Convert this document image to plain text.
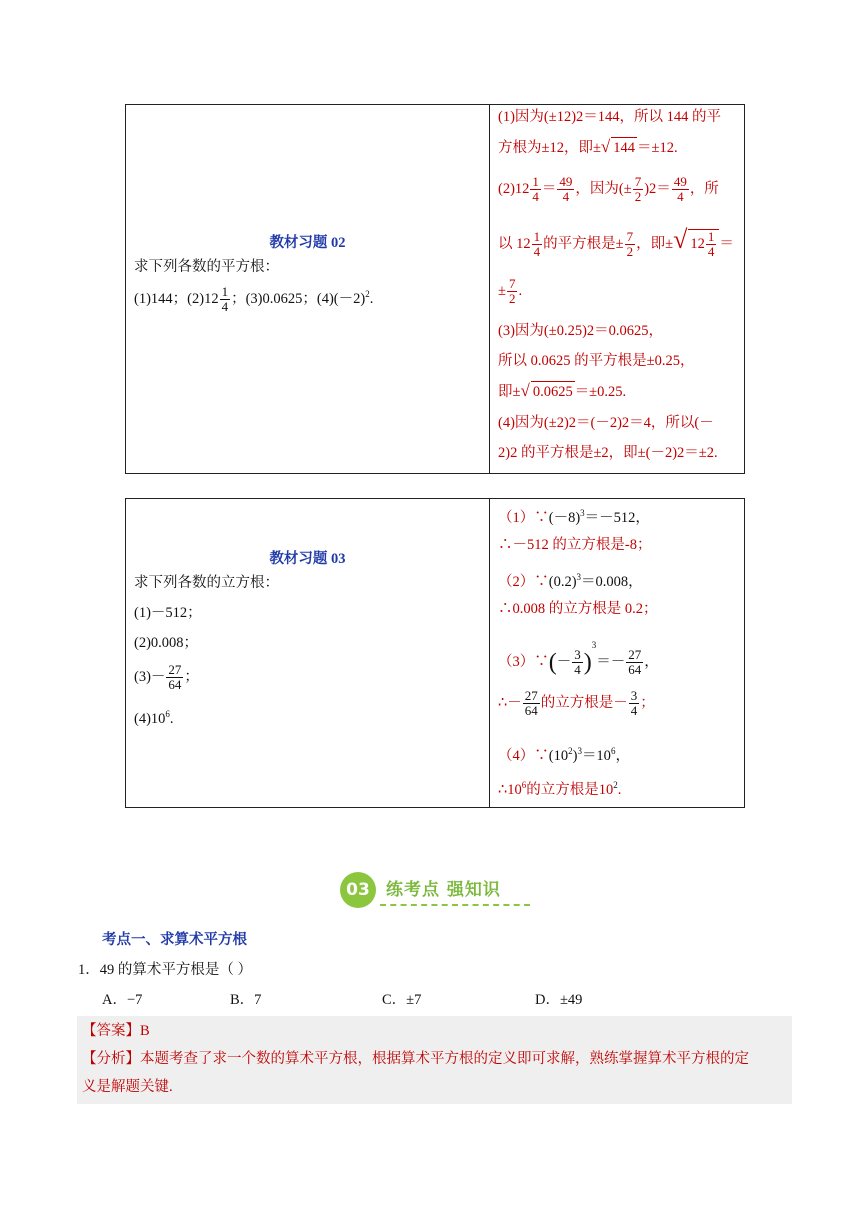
教材习题 02
求下列各数的平方根：
(1)144；$(2)12 \frac{1}{4}$ ；(3)0.0625；$(4)(-2)^2$.
(1)因为(±12)2＝144，所以 144 的平
方根为±12，即±√ 144 ＝±12.
$(2)12 \frac{1}{4} = \frac{49}{4}$ ，因为(± $\frac{7}{2} )2= \frac{49}{4}$ ，所
以 $12 \frac{1}{4}$ 的平方根是± $\frac{7}{2}$ ，即±√ $12 \frac{1}{4}$ ＝
± $\frac{7}{2}$ .
(3)因为(±0.25)2＝0.0625，
所以 0.0625 的平方根是±0.25，
即±√ 0.0625 ＝±0.25.
(4)因为(±2)2＝(－2)2＝4，所以(－
2)2 的平方根是±2，即±(－2)2＝±2.
教材习题 03
求下列各数的立方根：
(1)－512；
(2)0.008；
$(3)- \frac{27}{64}$ ；
$(4)10^6$.
$(1)\because(-8)^3=-512$，
∴－512 的立方根是-8；
$(2)\because(0.2)^3=0.008$，
∴0.008 的立方根是 0.2；
（3）∵(－ $\frac{3}{4} )^3=- \frac{27}{64}$ ，
∴－ $\frac{27}{64}$ 的立方根是－ $\frac{3}{4}$ ；
$(4)\because(10^2)^3=10^6$，
$\therefore 10^6$的立方根是$10^2$.
03 练考点 强知识
考点一、求算术平方根
1．49 的算术平方根是（ ）
A．−7	B．7	C．±7	D．±49
【答案】B
【分析】本题考查了求一个数的算术平方根，根据算术平方根的定义即可求解，熟练掌握算术平方根的定
义是解题关键.
